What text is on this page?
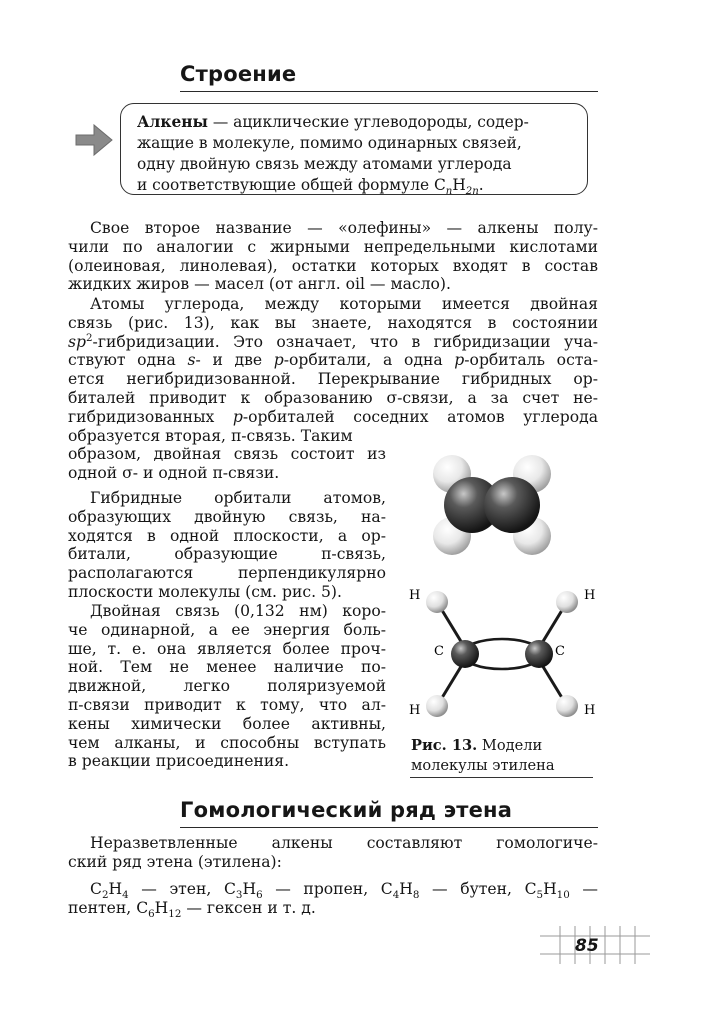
Строение
Алкены — ациклические углеводороды, содер-
жащие в молекуле, помимо одинарных связей,
одну двойную связь между атомами углерода
и соответствующие общей формуле $C_nH_{2n}$.
Свое второе название — «олефины» — алкены полу-
чили по аналогии с жирными непредельными кислотами
(олеиновая, линолевая), остатки которых входят в состав
жидких жиров — масел (от англ. oil — масло).
Атомы углерода, между которыми имеется двойная
связь (рис. 13), как вы знаете, находятся в состоянии
$sp^2$-гибридизации. Это означает, что в гибридизации уча-
ствуют одна s- и две p-орбитали, а одна p-орбиталь оста-
ется негибридизованной. Перекрывание гибридных ор-
биталей приводит к образованию σ-связи, а за счет не-
гибридизованных p-орбиталей соседних атомов углерода
образуется вторая, π-связь. Таким
образом, двойная связь состоит из
одной σ- и одной π-связи.
Гибридные орбитали атомов,
образующих двойную связь, на-
ходятся в одной плоскости, а ор-
битали, образующие π-связь,
располагаются перпендикулярно
плоскости молекулы (см. рис. 5).
Двойная связь (0,132 нм) коро-
че одинарной, а ее энергия боль-
ше, т. е. она является более проч-
ной. Тем не менее наличие по-
движной, легко поляризуемой
π-связи приводит к тому, что ал-
кены химически более активны,
чем алканы, и способны вступать
в реакции присоединения.
H	H
H	H
C	C
Рис. 13. Модели
молекулы этилена
Гомологический ряд этена
Неразветвленные алкены составляют гомологиче-
ский ряд этена (этилена):
$C_2H_4$ — этен, $C_3H_6$ — пропен, $C_4H_8$ — бутен, $C_5H_{10}$ —
пентен, $C_6H_{12}$ — гексен и т. д.
85
